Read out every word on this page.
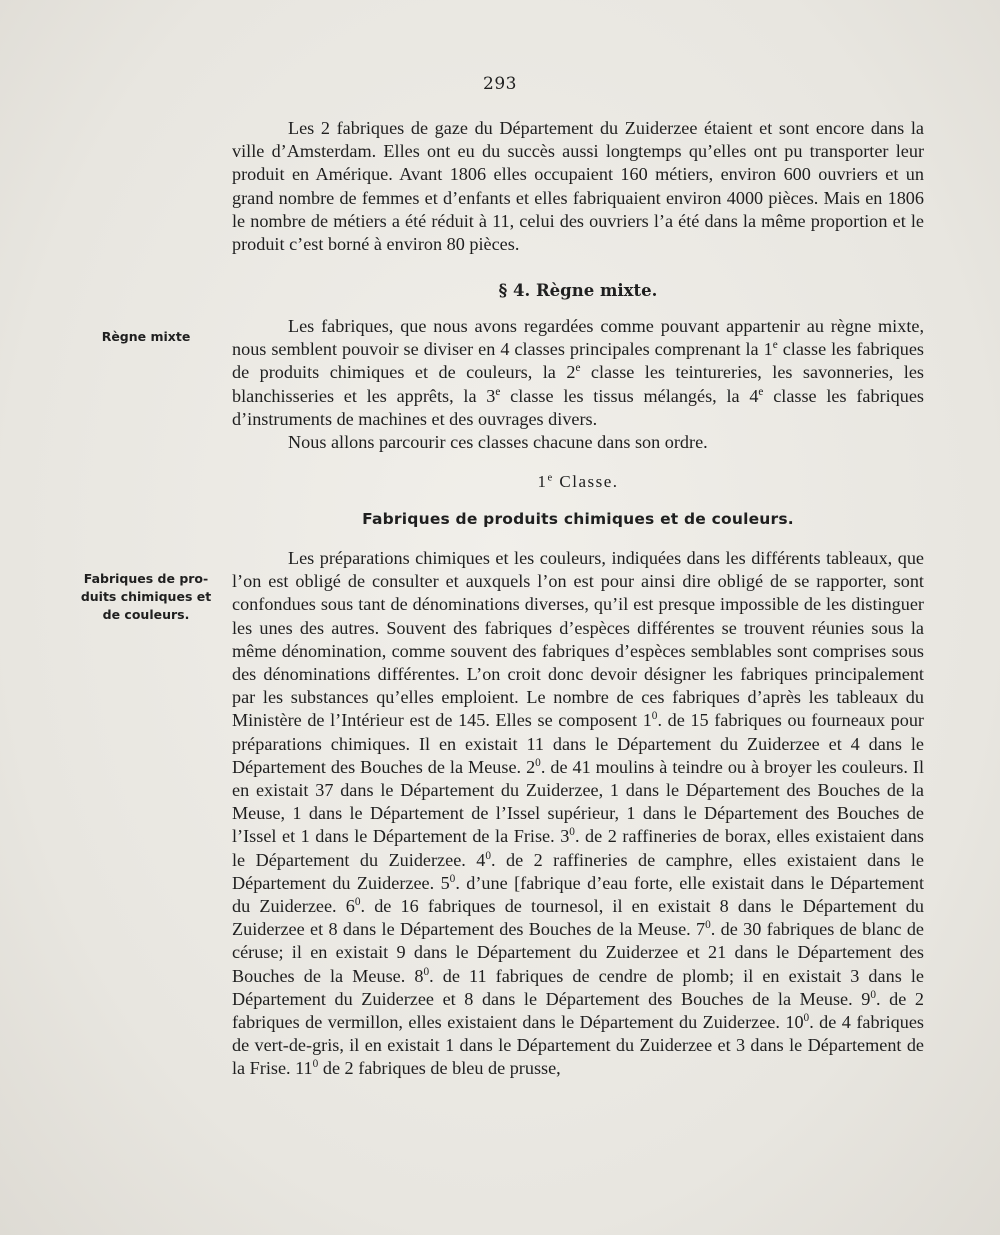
293

Les 2 fabriques de gaze du Département du Zuiderzee étaient et sont encore dans la ville d’Amsterdam. Elles ont eu du succès aussi longtemps qu’elles ont pu transporter leur produit en Amérique. Avant 1806 elles occupaient 160 métiers, environ 600 ouvriers et un grand nombre de femmes et d’enfants et elles fabriquaient environ 4000 pièces. Mais en 1806 le nombre de métiers a été réduit à 11, celui des ouvriers l’a été dans la même proportion et le produit c’est borné à environ 80 pièces.

§ 4. Règne mixte.
Règne mixte

Les fabriques, que nous avons regardées comme pouvant appartenir au règne mixte, nous semblent pouvoir se diviser en 4 classes principales comprenant la 1e classe les fabriques de produits chimiques et de couleurs, la 2e classe les teintureries, les savonneries, les blanchisseries et les apprêts, la 3e classe les tissus mélangés, la 4e classe les fabriques d’instruments de machines et des ouvrages divers.

Nous allons parcourir ces classes chacune dans son ordre.

1e Classe.
Fabriques de produits chimiques et de couleurs.
Fabriques de pro-duits chimiques et de couleurs.

Les préparations chimiques et les couleurs, indiquées dans les différents tableaux, que l’on est obligé de consulter et auxquels l’on est pour ainsi dire obligé de se rapporter, sont confondues sous tant de dénominations diverses, qu’il est presque impossible de les distinguer les unes des autres. Souvent des fabriques d’espèces différentes se trouvent réunies sous la même dénomination, comme souvent des fabriques d’espèces semblables sont comprises sous des dénominations différentes. L’on croit donc devoir désigner les fabriques principalement par les substances qu’elles emploient. Le nombre de ces fabriques d’après les tableaux du Ministère de l’Intérieur est de 145. Elles se composent $1^0$. de 15 fabriques ou fourneaux pour préparations chimiques. Il en existait 11 dans le Département du Zuiderzee et 4 dans le Département des Bouches de la Meuse. $2^0$. de 41 moulins à teindre ou à broyer les couleurs. Il en existait 37 dans le Département du Zuiderzee, 1 dans le Département des Bouches de la Meuse, 1 dans le Département de l’Issel supérieur, 1 dans le Département des Bouches de l’Issel et 1 dans le Département de la Frise. $3^0$. de 2 raffineries de borax, elles existaient dans le Département du Zuiderzee. $4^0$. de 2 raffineries de camphre, elles existaient dans le Département du Zuiderzee. $5^0$. d’une [fabrique d’eau forte, elle existait dans le Département du Zuiderzee. $6^0$. de 16 fabriques de tournesol, il en existait 8 dans le Département du Zuiderzee et 8 dans le Département des Bouches de la Meuse. $7^0$. de 30 fabriques de blanc de céruse; il en existait 9 dans le Département du Zuiderzee et 21 dans le Département des Bouches de la Meuse. $8^0$. de 11 fabriques de cendre de plomb; il en existait 3 dans le Département du Zuiderzee et 8 dans le Département des Bouches de la Meuse. $9^0$. de 2 fabriques de vermillon, elles existaient dans le Département du Zuiderzee. $10^0$. de 4 fabriques de vert-de-gris, il en existait 1 dans le Département du Zuiderzee et 3 dans le Département de la Frise. $11^0$ de 2 fabriques de bleu de prusse,
